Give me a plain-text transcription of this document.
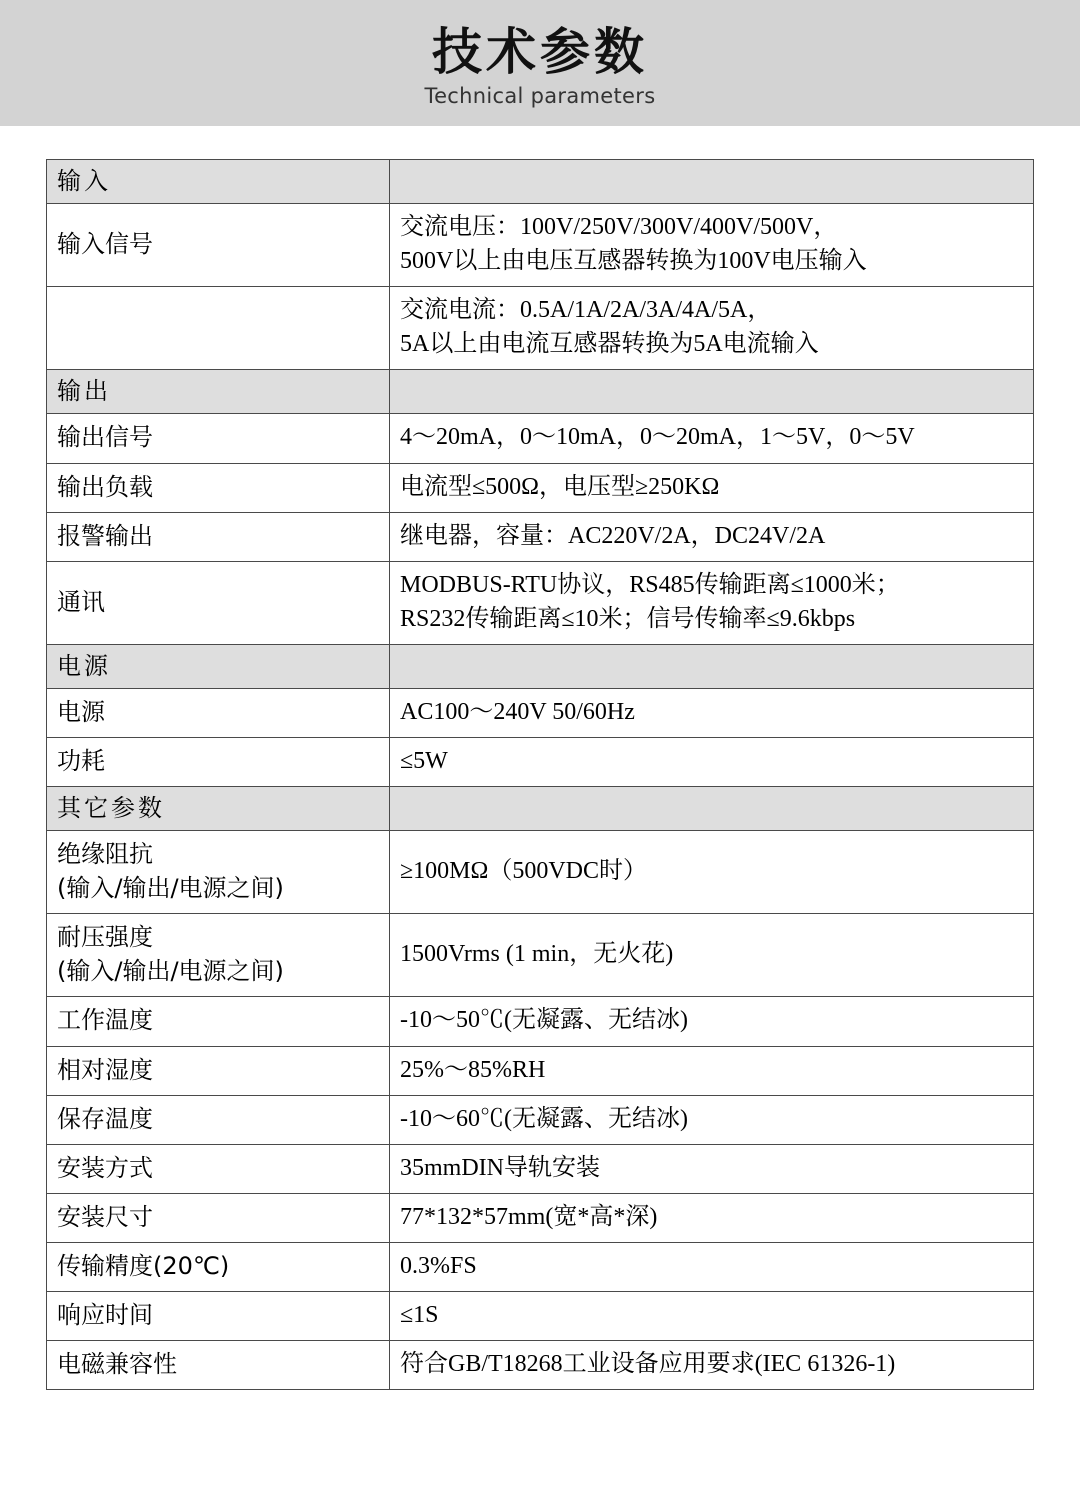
技术参数
Technical parameters
输入	
输入信号	交流电压：100V/250V/300V/400V/500V，
500V以上由电压互感器转换为100V电压输入

	交流电流：0.5A/1A/2A/3A/4A/5A，
5A以上由电流互感器转换为5A电流输入

输出	
输出信号	4～20mA，0～10mA，0～20mA，1～5V，0～5V
输出负载	电流型≤500Ω，电压型≥250KΩ
报警输出	继电器，容量：AC220V/2A，DC24V/2A
通讯	MODBUS-RTU协议，RS485传输距离≤1000米；
RS232传输距离≤10米；信号传输率≤9.6kbps

电源	
电源	AC100～240V 50/60Hz
功耗	≤5W
其它参数	

绝缘阻抗
(输入/输出/电源之间)	≥100MΩ（500VDC时）

耐压强度
(输入/输出/电源之间)	1500Vrms (1 min，无火花)
工作温度	-10～50℃(无凝露、无结冰)
相对湿度	25%～85%RH
保存温度	-10～60℃(无凝露、无结冰)
安装方式	35mmDIN导轨安装
安装尺寸	77*132*57mm(宽*高*深)
传输精度(20℃)	0.3%FS
响应时间	≤1S
电磁兼容性	符合GB/T18268工业设备应用要求(IEC 61326-1)
